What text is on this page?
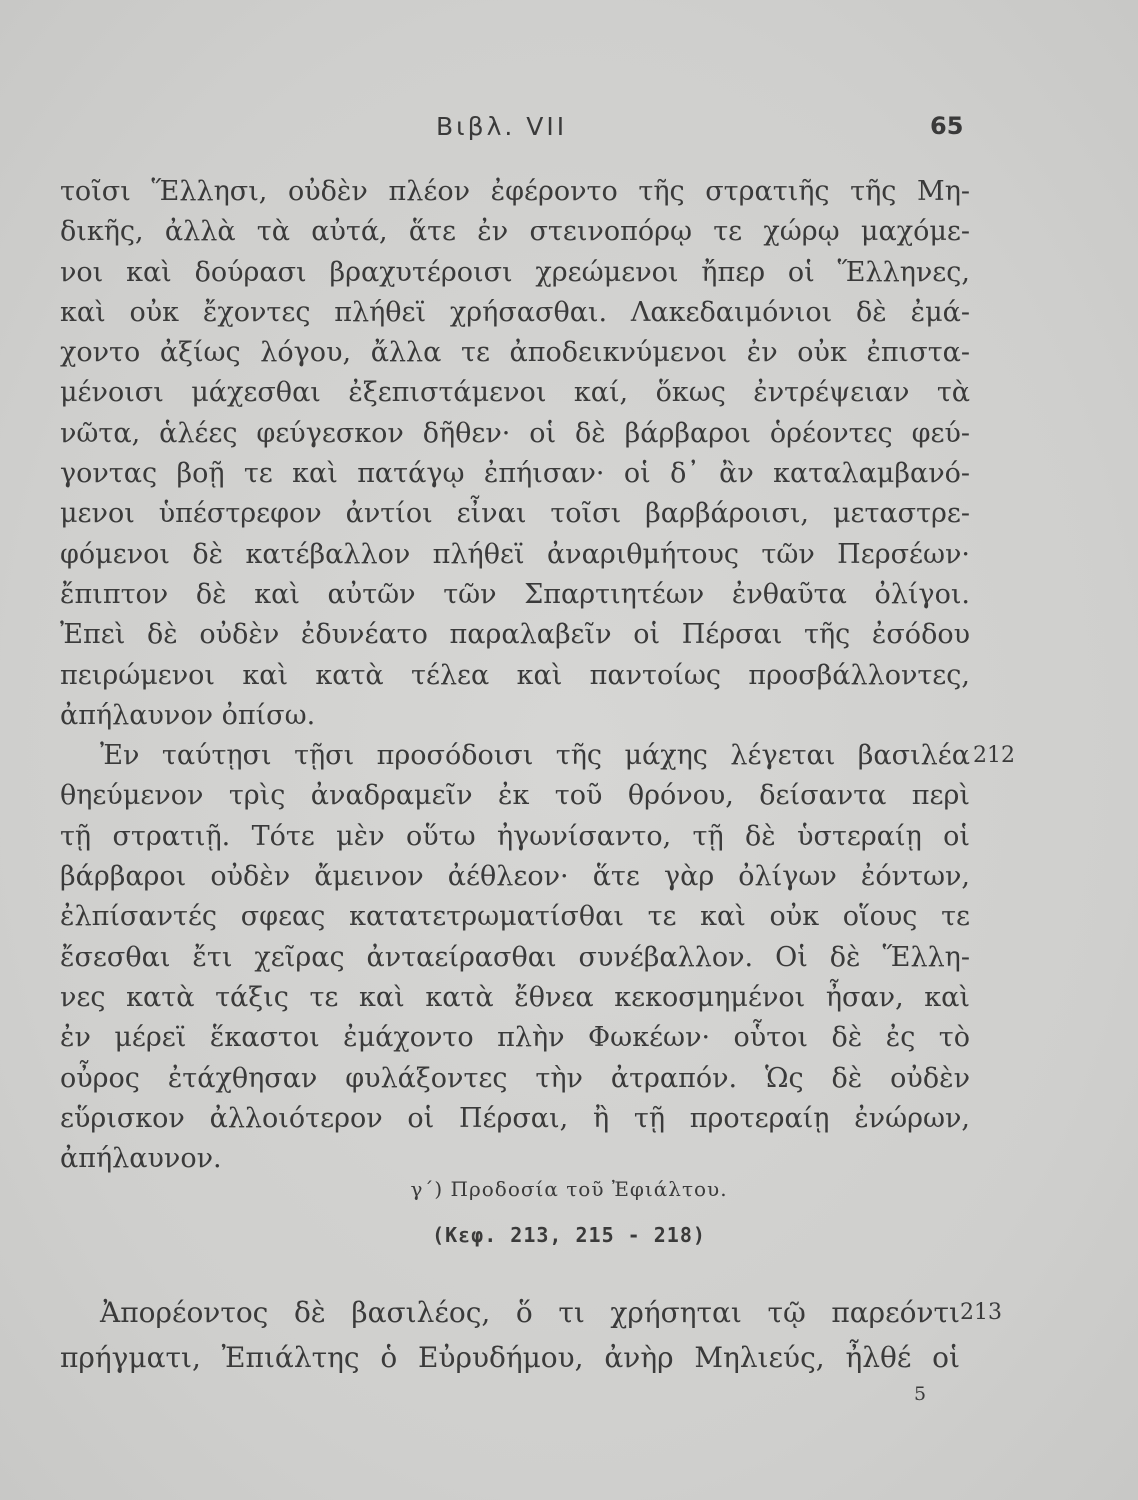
Βιβλ. VII	65
τοῖσι Ἕλλησι, οὐδὲν πλέον ἐφέροντο τῆς στρατιῆς τῆς Μη-
δικῆς, ἀλλὰ τὰ αὐτά, ἅτε ἐν στεινοπόρῳ τε χώρῳ μαχόμε-
νοι καὶ δούρασι βραχυτέροισι χρεώμενοι ἤπερ οἱ Ἕλληνες,
καὶ οὐκ ἔχοντες πλήθεϊ χρήσασθαι. Λακεδαιμόνιοι δὲ ἐμά-
χοντο ἀξίως λόγου, ἄλλα τε ἀποδεικνύμενοι ἐν οὐκ ἐπιστα-
μένοισι μάχεσθαι ἐξεπιστάμενοι καί, ὅκως ἐντρέψειαν τὰ
νῶτα, ἁλέες φεύγεσκον δῆθεν· οἱ δὲ βάρβαροι ὁρέοντες φεύ-
γοντας βοῇ τε καὶ πατάγῳ ἐπήισαν· οἱ δ᾽ ἂν καταλαμβανό-
μενοι ὑπέστρεφον ἀντίοι εἶναι τοῖσι βαρβάροισι, μεταστρε-
φόμενοι δὲ κατέβαλλον πλήθεϊ ἀναριθμήτους τῶν Περσέων·
ἔπιπτον δὲ καὶ αὐτῶν τῶν Σπαρτιητέων ἐνθαῦτα ὀλίγοι.
Ἐπεὶ δὲ οὐδὲν ἐδυνέατο παραλαβεῖν οἱ Πέρσαι τῆς ἐσόδου
πειρώμενοι καὶ κατὰ τέλεα καὶ παντοίως προσβάλλοντες,
ἀπήλαυνον ὀπίσω.
Ἐν ταύτῃσι τῇσι προσόδοισι τῆς μάχης λέγεται βασιλέα 212
θηεύμενον τρὶς ἀναδραμεῖν ἐκ τοῦ θρόνου, δείσαντα περὶ
τῇ στρατιῇ. Τότε μὲν οὕτω ἠγωνίσαντο, τῇ δὲ ὑστεραίῃ οἱ
βάρβαροι οὐδὲν ἄμεινον ἀέθλεον· ἅτε γὰρ ὀλίγων ἐόντων,
ἐλπίσαντές σφεας κατατετρωματίσθαι τε καὶ οὐκ οἵους τε
ἔσεσθαι ἔτι χεῖρας ἀνταείρασθαι συνέβαλλον. Οἱ δὲ Ἕλλη-
νες κατὰ τάξις τε καὶ κατὰ ἔθνεα κεκοσμημένοι ἦσαν, καὶ
ἐν μέρεϊ ἕκαστοι ἐμάχοντο πλὴν Φωκέων· οὗτοι δὲ ἐς τὸ
οὖρος ἐτάχθησαν φυλάξοντες τὴν ἀτραπόν. Ὡς δὲ οὐδὲν
εὕρισκον ἀλλοιότερον οἱ Πέρσαι, ἢ τῇ προτεραίῃ ἐνώρων,
ἀπήλαυνον.
γ´) Προδοσία τοῦ Ἐφιάλτου.
(Κεφ. 213, 215 - 218)
Ἀπορέοντος δὲ βασιλέος, ὅ τι χρήσηται τῷ παρεόντι 213
πρήγματι, Ἐπιάλτης ὁ Εὐρυδήμου, ἀνὴρ Μηλιεύς, ἦλθέ οἱ
5
